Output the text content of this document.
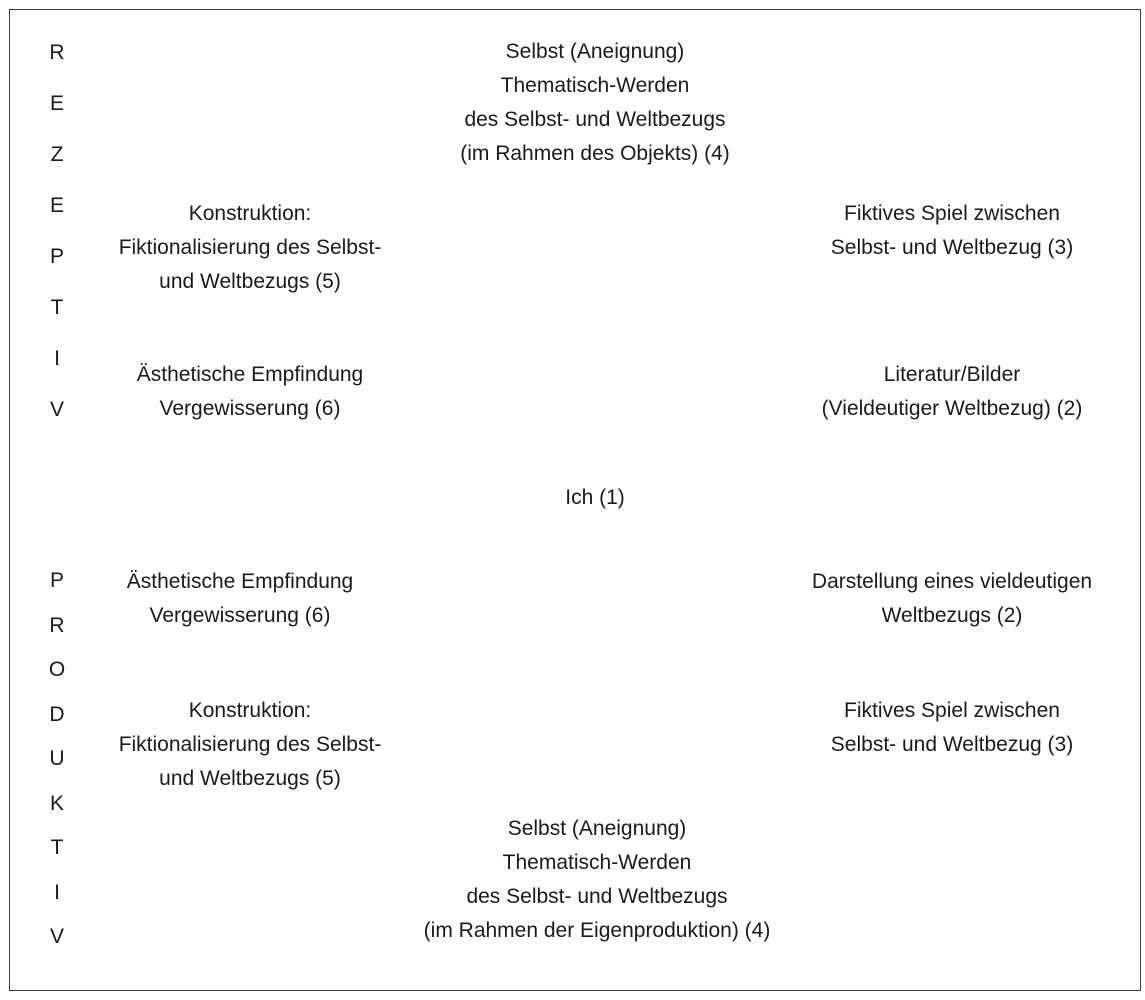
R
E
Z
E
P
T
I
V
P
R
O
D
U
K
T
I
V
Selbst (Aneignung)
Thematisch-Werden
des Selbst- und Weltbezugs
(im Rahmen des Objekts) (4)
Konstruktion:
Fiktionalisierung des Selbst-
und Weltbezugs (5)
Fiktives Spiel zwischen
Selbst- und Weltbezug (3)
Ästhetische Empfindung
Vergewisserung (6)
Literatur/Bilder
(Vieldeutiger Weltbezug) (2)
Ich (1)
Ästhetische Empfindung
Vergewisserung (6)
Darstellung eines vieldeutigen
Weltbezugs (2)
Konstruktion:
Fiktionalisierung des Selbst-
und Weltbezugs (5)
Fiktives Spiel zwischen
Selbst- und Weltbezug (3)
Selbst (Aneignung)
Thematisch-Werden
des Selbst- und Weltbezugs
(im Rahmen der Eigenproduktion) (4)
